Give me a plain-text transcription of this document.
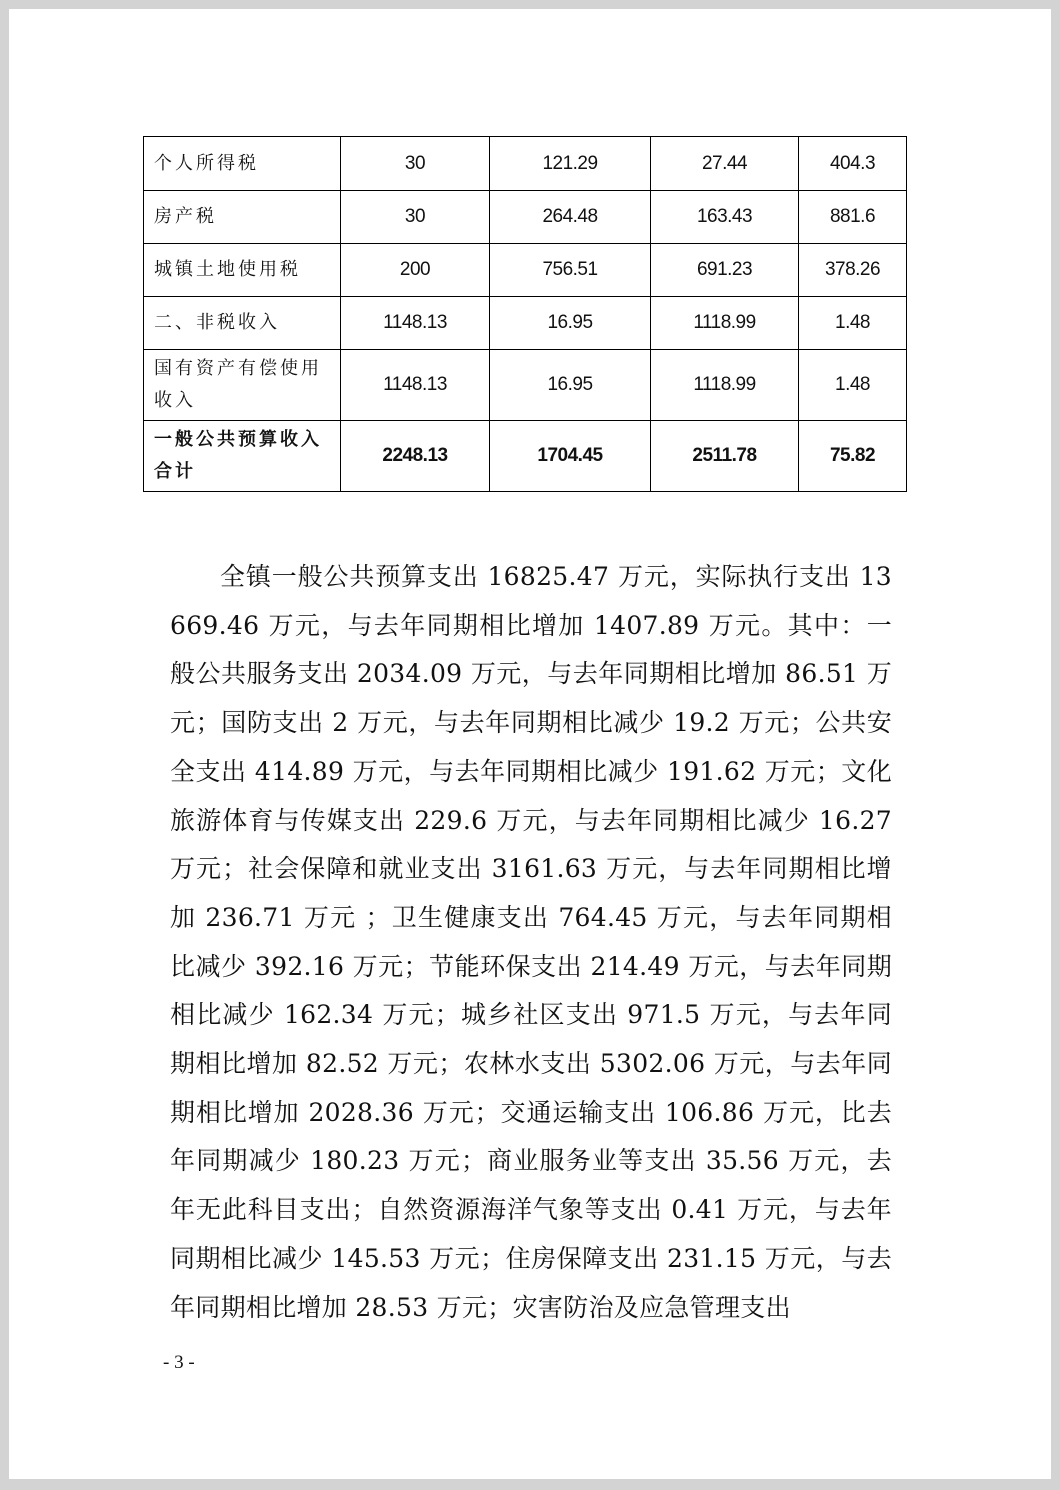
个人所得税	30	121.29	27.44	404.3
房产税	30	264.48	163.43	881.6
城镇土地使用税	200	756.51	691.23	378.26
二、非税收入	1148.13	16.95	1118.99	1.48
国有资产有偿使用收入	1148.13	16.95	1118.99	1.48
一般公共预算收入合计	2248.13	1704.45	2511.78	75.82

全镇一般公共预算支出 16825.47 万元，实际执行支出 13669.46 万元，与去年同期相比增加 1407.89 万元。其中：一般公共服务支出 2034.09 万元，与去年同期相比增加 86.51 万元；国防支出 2 万元，与去年同期相比减少 19.2 万元；公共安全支出 414.89 万元，与去年同期相比减少 191.62 万元；文化旅游体育与传媒支出 229.6 万元，与去年同期相比减少 16.27 万元；社会保障和就业支出 3161.63 万元，与去年同期相比增加 236.71 万元 ；卫生健康支出 764.45 万元，与去年同期相比减少 392.16 万元；节能环保支出 214.49 万元，与去年同期相比减少 162.34 万元；城乡社区支出 971.5 万元，与去年同期相比增加 82.52 万元；农林水支出 5302.06 万元，与去年同期相比增加 2028.36 万元；交通运输支出 106.86 万元，比去年同期减少 180.23 万元；商业服务业等支出 35.56 万元，去年无此科目支出；自然资源海洋气象等支出 0.41 万元，与去年同期相比减少 145.53 万元；住房保障支出 231.15 万元，与去年同期相比增加 28.53 万元；灾害防治及应急管理支出

- 3 -
